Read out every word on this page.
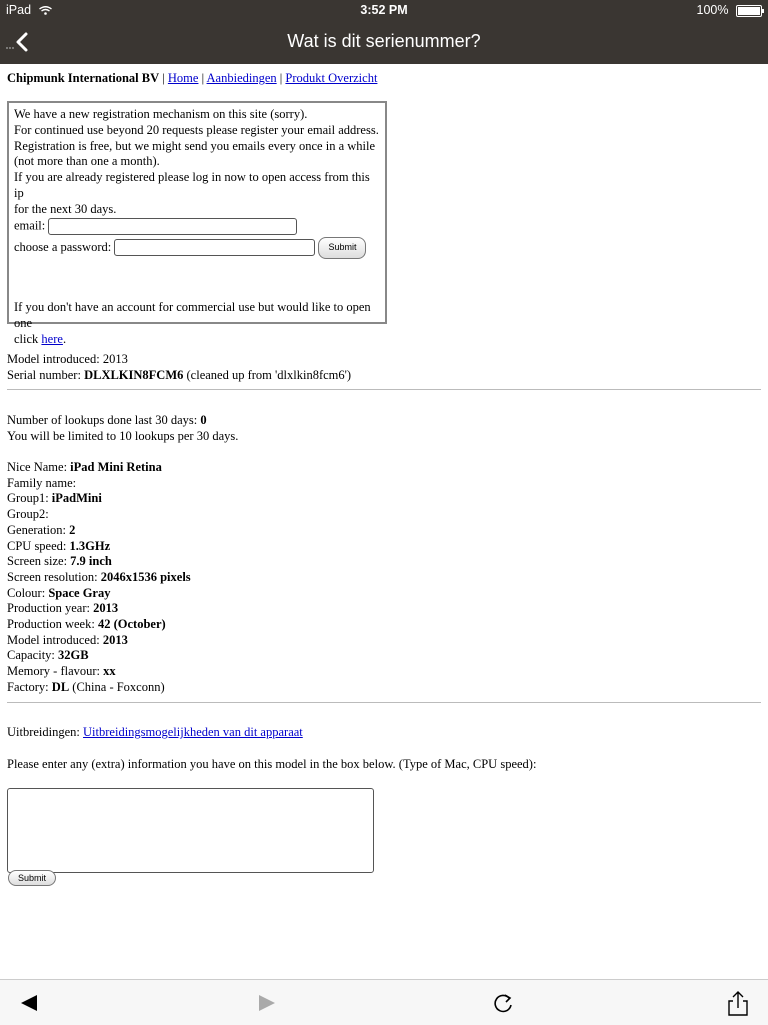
iPad	3:52 PM	100%
Wat is dit serienummer?
Chipmunk International BV | Home | Aanbiedingen | Produkt Overzicht
We have a new registration mechanism on this site (sorry).
For continued use beyond 20 requests please register your email address.
Registration is free, but we might send you emails every once in a while
(not more than one a month).
If you are already registered please log in now to open access from this ip
for the next 30 days.
email:
choose a password:	Submit
If you don't have an account for commercial use but would like to open one
click here.
Model introduced: 2013
Serial number: DLXLKIN8FCM6 (cleaned up from 'dlxlkin8fcm6')
Number of lookups done last 30 days: 0
You will be limited to 10 lookups per 30 days.
Nice Name: iPad Mini Retina
Family name:
Group1: iPadMini
Group2:
Generation: 2
CPU speed: 1.3GHz
Screen size: 7.9 inch
Screen resolution: 2046x1536 pixels
Colour: Space Gray
Production year: 2013
Production week: 42 (October)
Model introduced: 2013
Capacity: 32GB
Memory - flavour: xx
Factory: DL (China - Foxconn)
Uitbreidingen: Uitbreidingsmogelijkheden van dit apparaat
Please enter any (extra) information you have on this model in the box below. (Type of Mac, CPU speed):
Submit
